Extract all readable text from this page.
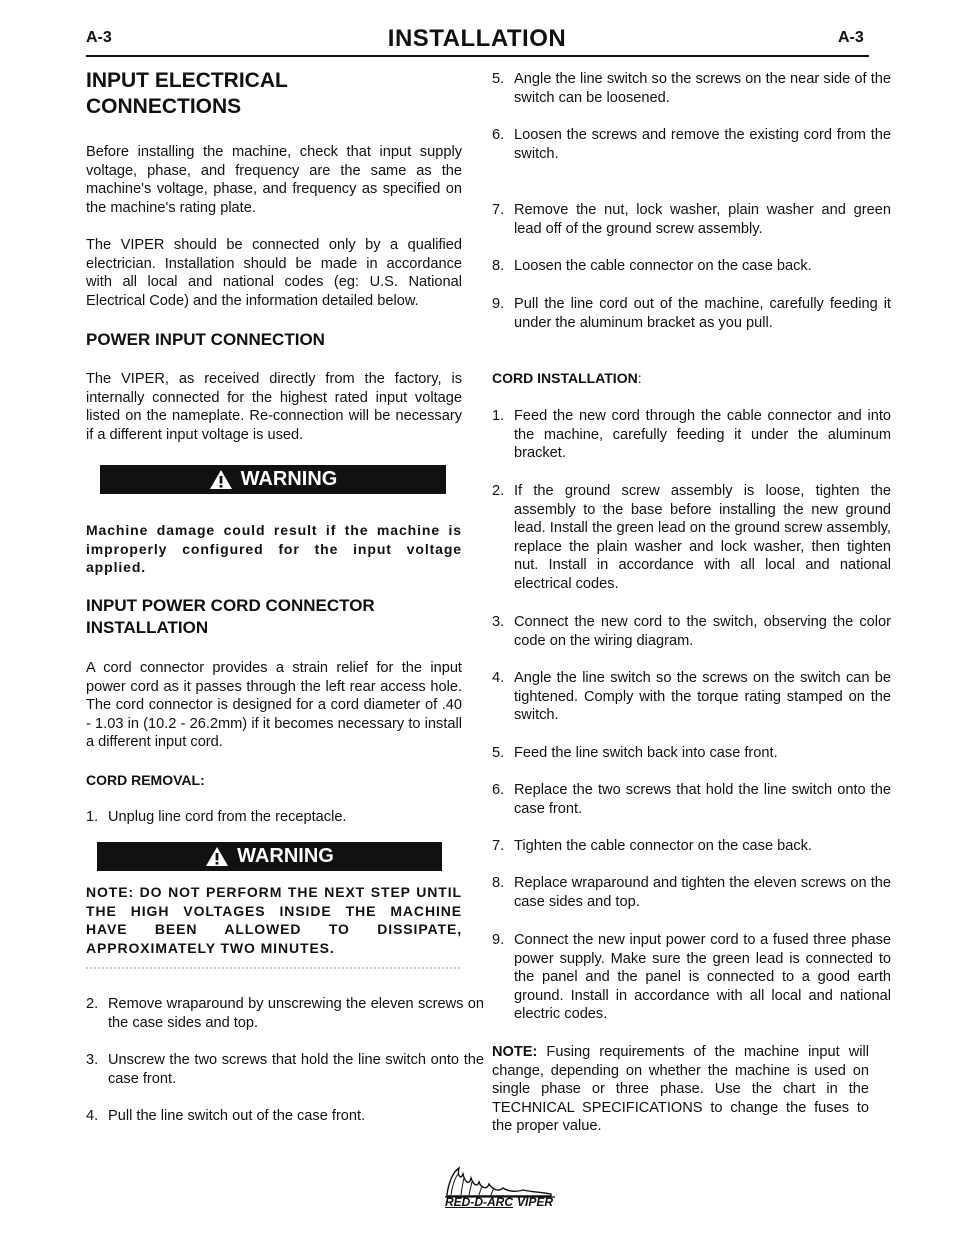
A-3	INSTALLATION	A-3
INPUT ELECTRICAL
CONNECTIONS

Before installing the machine, check that input supply voltage, phase, and frequency are the same as the machine's voltage, phase, and frequency as specified on the machine's rating plate.

The VIPER should be connected only by a qualified electrician. Installation should be made in accordance with all local and national codes (eg: U.S. National Electrical Code) and the information detailed below.

POWER INPUT CONNECTION

The VIPER, as received directly from the factory, is internally connected for the highest rated input voltage listed on the nameplate. Re-connection will be necessary if a different input voltage is used.

WARNING

Machine damage could result if the machine is improperly configured for the input voltage applied.

INPUT POWER CORD CONNECTOR
INSTALLATION

A cord connector provides a strain relief for the input power cord as it passes through the left rear access hole. The cord connector is designed for a cord diameter of .40 - 1.03 in (10.2 - 26.2mm) if it becomes necessary to install a different input cord.

CORD REMOVAL:
1. Unplug line cord from the receptacle.
WARNING

NOTE: DO NOT PERFORM THE NEXT STEP UNTIL THE HIGH VOLTAGES INSIDE THE MACHINE HAVE BEEN ALLOWED TO DISSIPATE, APPROXIMATELY TWO MINUTES.

2. Remove wraparound by unscrewing the eleven screws on the case sides and top.
3. Unscrew the two screws that hold the line switch onto the case front.
4. Pull the line switch out of the case front.
5. Angle the line switch so the screws on the near side of the switch can be loosened.
6. Loosen the screws and remove the existing cord from the switch.
7. Remove the nut, lock washer, plain washer and green lead off of the ground screw assembly.
8. Loosen the cable connector on the case back.
9. Pull the line cord out of the machine, carefully feeding it under the aluminum bracket as you pull.
CORD INSTALLATION:
1. Feed the new cord through the cable connector and into the machine, carefully feeding it under the aluminum bracket.
2. If the ground screw assembly is loose, tighten the assembly to the base before installing the new ground lead. Install the green lead on the ground screw assembly, replace the plain washer and lock washer, then tighten nut. Install in accordance with all local and national electrical codes.
3. Connect the new cord to the switch, observing the color code on the wiring diagram.
4. Angle the line switch so the screws on the switch can be tightened. Comply with the torque rating stamped on the switch.
5. Feed the line switch back into case front.
6. Replace the two screws that hold the line switch onto the case front.
7. Tighten the cable connector on the case back.
8. Replace wraparound and tighten the eleven screws on the case sides and top.
9. Connect the new input power cord to a fused three phase power supply. Make sure the green lead is connected to the panel and the panel is connected to a good earth ground. Install in accordance with all local and national electric codes.

NOTE: Fusing requirements of the machine input will change, depending on whether the machine is used on single phase or three phase. Use the chart in the TECHNICAL SPECIFICATIONS to change the fuses to the proper value.

RED-D-ARC VIPER
